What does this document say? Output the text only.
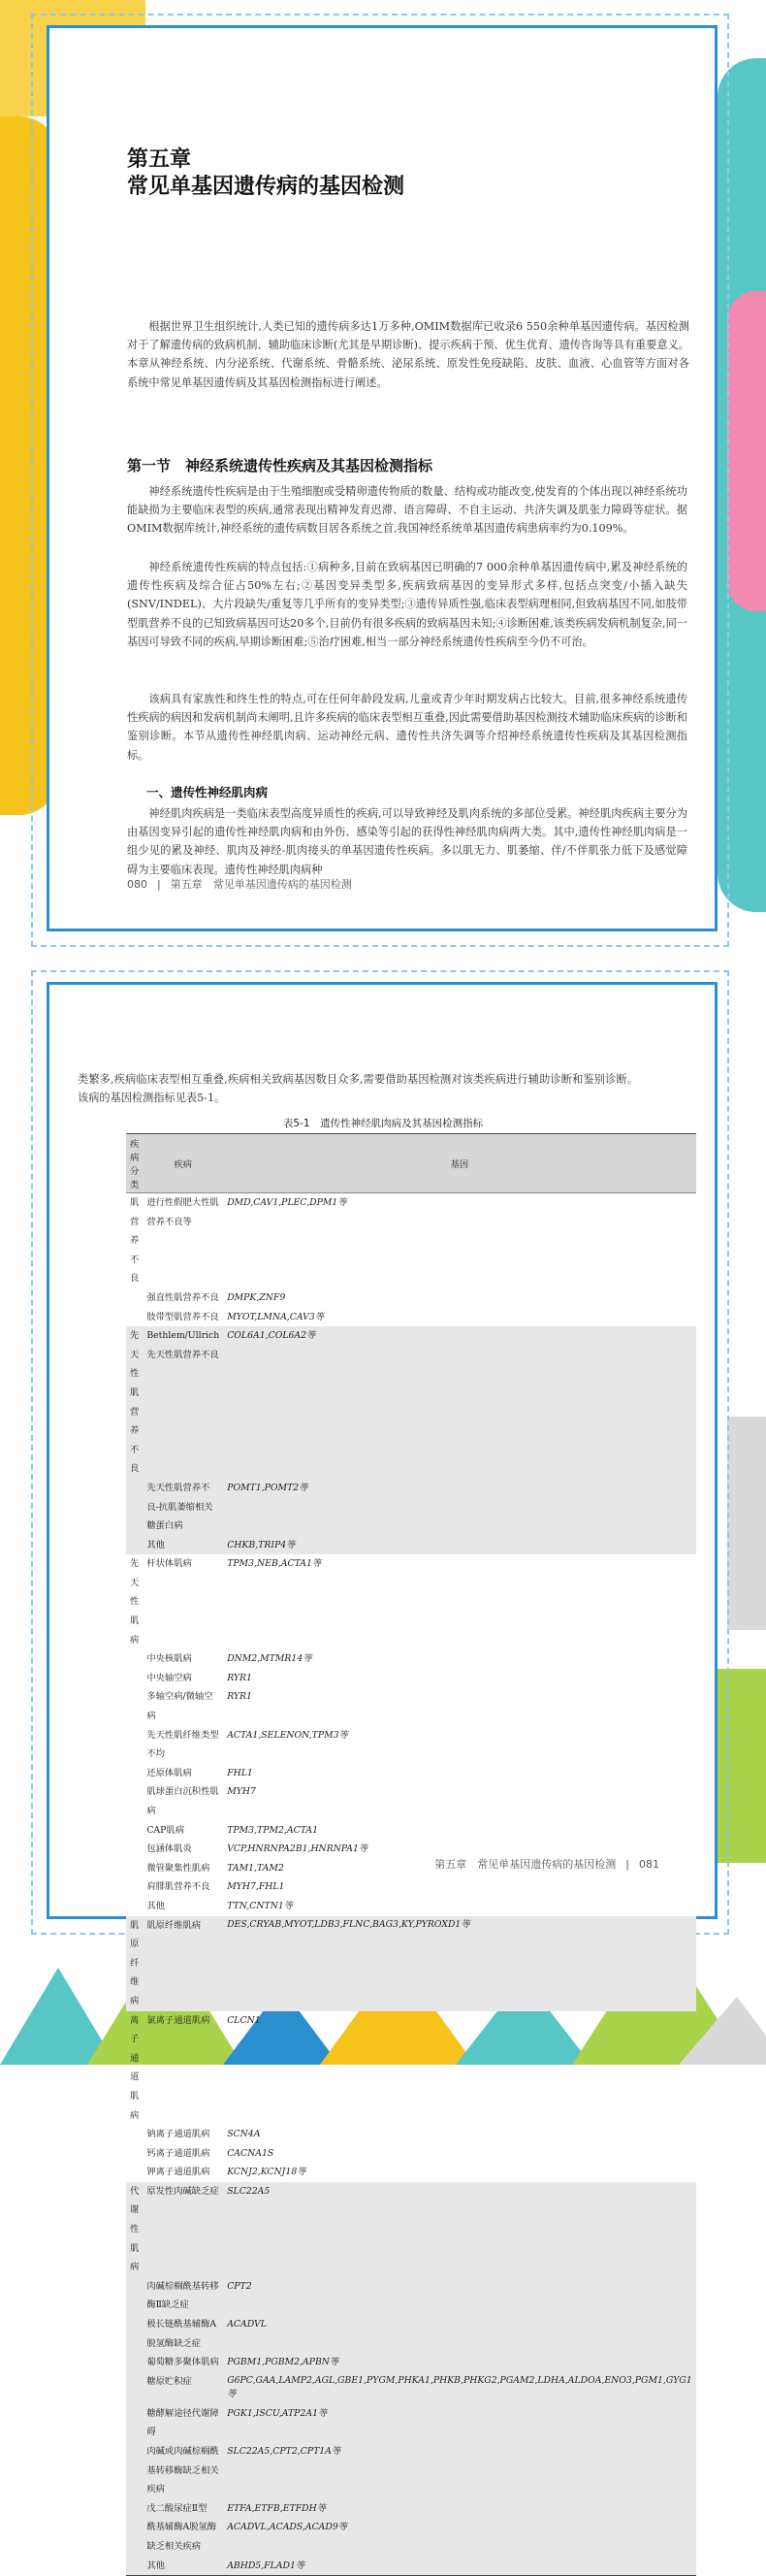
第五章
常见单基因遗传病的基因检测
根据世界卫生组织统计,人类已知的遗传病多达1万多种,OMIM数据库已收录6 550余种单基因遗传病。基因检测对于了解遗传病的致病机制、辅助临床诊断(尤其是早期诊断)、提示疾病于预、优生优育、遗传咨询等具有重要意义。本章从神经系统、内分泌系统、代谢系统、骨骼系统、泌尿系统、原发性免疫缺陷、皮肤、血液、心血管等方面对各系统中常见单基因遗传病及其基因检测指标进行阐述。
第一节　神经系统遗传性疾病及其基因检测指标
神经系统遗传性疾病是由于生殖细胞或受精卵遗传物质的数量、结构或功能改变,使发育的个体出现以神经系统功能缺损为主要临床表型的疾病,通常表现出精神发育迟滞、语言障碍、不自主运动、共济失调及肌张力障碍等症状。据OMIM数据库统计,神经系统的遗传病数目居各系统之首,我国神经系统单基因遗传病患病率约为0.109%。
神经系统遗传性疾病的特点包括:①病种多,目前在致病基因已明确的7 000余种单基因遗传病中,累及神经系统的遗传性疾病及综合征占50%左右;②基因变异类型多,疾病致病基因的变异形式多样,包括点突变/小插入缺失(SNV/INDEL)、大片段缺失/重复等几乎所有的变异类型;③遗传异质性强,临床表型病理相同,但致病基因不同,如肢带型肌营养不良的已知致病基因可达20多个,目前仍有很多疾病的致病基因未知;④诊断困难,该类疾病发病机制复杂,同一基因可导致不同的疾病,早期诊断困难;⑤治疗困难,相当一部分神经系统遗传性疾病至今仍不可治。
该病具有家族性和终生性的特点,可在任何年龄段发病,儿童或青少年时期发病占比较大。目前,很多神经系统遗传性疾病的病因和发病机制尚未阐明,且许多疾病的临床表型相互重叠,因此需要借助基因检测技术辅助临床疾病的诊断和鉴别诊断。本节从遗传性神经肌肉病、运动神经元病、遗传性共济失调等介绍神经系统遗传性疾病及其基因检测指标。
一、遗传性神经肌肉病
神经肌肉疾病是一类临床表型高度异质性的疾病,可以导致神经及肌肉系统的多部位受累。神经肌肉疾病主要分为由基因变异引起的遗传性神经肌肉病和由外伤、感染等引起的获得性神经肌肉病两大类。其中,遗传性神经肌肉病是一组少见的累及神经、肌肉及神经-肌肉接头的单基因遗传性疾病。多以肌无力、肌萎缩、伴/不伴肌张力低下及感觉障碍为主要临床表现。遗传性神经肌肉病种
080 | 第五章　常见单基因遗传病的基因检测
类繁多,疾病临床表型相互重叠,疾病相关致病基因数目众多,需要借助基因检测对该类疾病进行辅助诊断和鉴别诊断。该病的基因检测指标见表5-1。
表5-1　遗传性神经肌肉病及其基因检测指标
疾病分类	疾病	基因
肌营养不良	进行性假肥大性肌营养不良等	DMD,CAV1,PLEC,DPM1等
	强直性肌营养不良	DMPK,ZNF9
	肢带型肌营养不良	MYOT,LMNA,CAV3等
先天性肌营养不良	Bethlem/Ullrich先天性肌营养不良	COL6A1,COL6A2等
	先天性肌营养不良-抗肌萎缩相关糖蛋白病	POMT1,POMT2等
	其他	CHKB,TRIP4等
先天性肌病	杆状体肌病	TPM3,NEB,ACTA1等
	中央核肌病	DNM2,MTMR14等
	中央轴空病	RYR1
	多轴空病/微轴空病	RYR1
	先天性肌纤维类型不均	ACTA1,SELENON,TPM3等
	还原体肌病	FHL1
	肌球蛋白沉积性肌病	MYH7
	CAP肌病	TPM3,TPM2,ACTA1
	包涵体肌炎	VCP,HNRNPA2B1,HNRNPA1等
	微管聚集性肌病	TAM1,TAM2
	肩腓肌营养不良	MYH7,FHL1
	其他	TTN,CNTN1等
肌原纤维病	肌原纤维肌病	DES,CRYAB,MYOT,LDB3,FLNC,BAG3,KY,PYROXD1等
离子通道肌病	氯离子通道肌病	CLCN1
	钠离子通道肌病	SCN4A
	钙离子通道肌病	CACNA1S
	钾离子通道肌病	KCNJ2,KCNJ18等
代谢性肌病	原发性肉碱缺乏症	SLC22A5
	肉碱棕榈酰基转移酶Ⅱ缺乏症	CPT2
	极长链酰基辅酶A脱氢酶缺乏症	ACADVL
	葡萄糖多聚体肌病	PGBM1,PGBM2,APBN等
	糖原贮积症	G6PC,GAA,LAMP2,AGL,GBE1,PYGM,PHKA1,PHKB,PHKG2,PGAM2,LDHA,ALDOA,ENO3,PGM1,GYG1等
	糖酵解途径代谢障碍	PGK1,ISCU,ATP2A1等
	肉碱或肉碱棕榈酰基转移酶缺乏相关疾病	SLC22A5,CPT2,CPT1A等
	戊二酸尿症Ⅱ型	ETFA,ETFB,ETFDH等
	酰基辅酶A脱氢酶缺乏相关疾病	ACADVL,ACADS,ACAD9等
	其他	ABHD5,FLAD1等
第五章　常见单基因遗传病的基因检测 | 081
